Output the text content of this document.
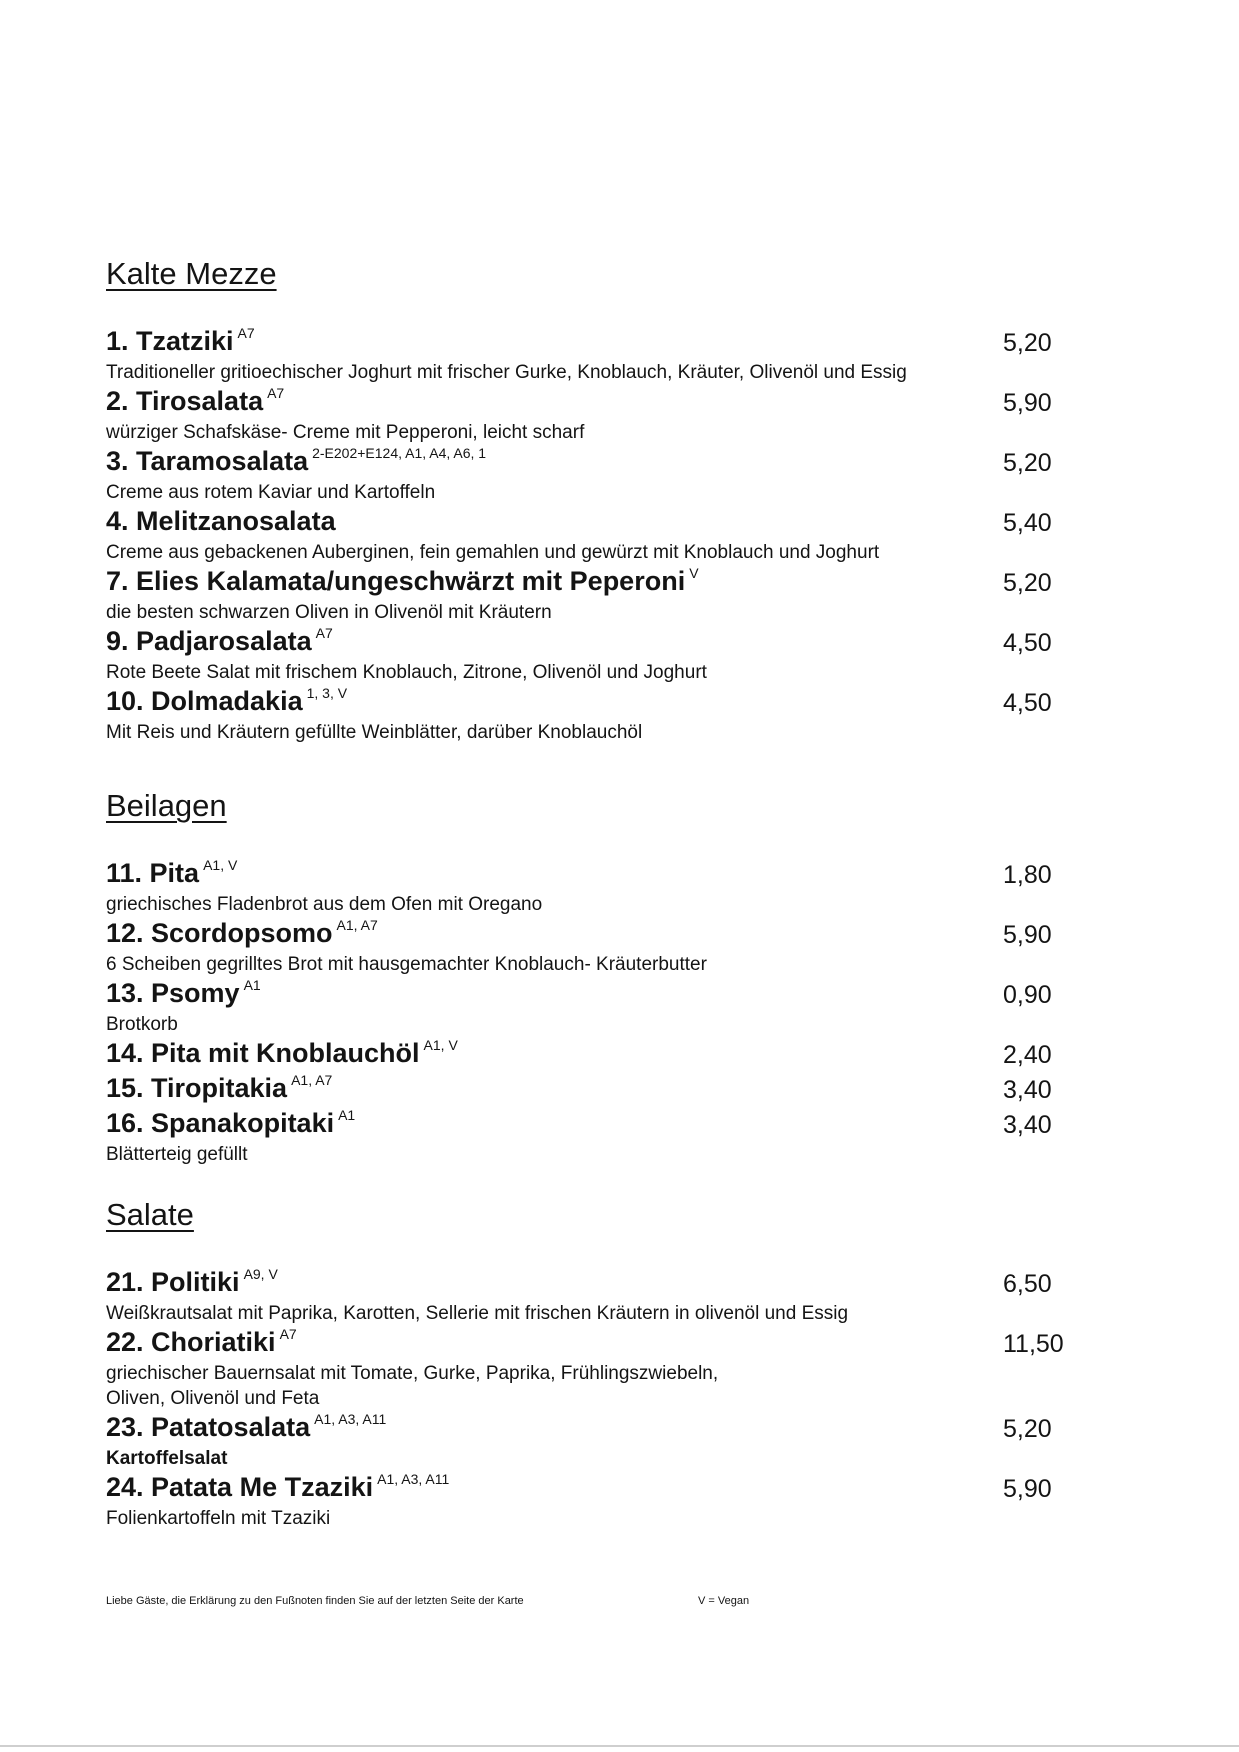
Kalte Mezze
1. Tzatziki $^{A7}$	5,20
Traditioneller gritioechischer Joghurt mit frischer Gurke, Knoblauch, Kräuter, Olivenöl und Essig
2. Tirosalata $^{A7}$	5,90
würziger Schafskäse- Creme mit Pepperoni, leicht scharf
3. Taramosalata $^{2-E202+E124, A1, A4, A6, 1}$	5,20
Creme aus rotem Kaviar und Kartoffeln
4. Melitzanosalata	5,40
Creme aus gebackenen Auberginen, fein gemahlen und gewürzt mit Knoblauch und Joghurt
7. Elies Kalamata/ungeschwärzt mit Peperoni $^V$	5,20
die besten schwarzen Oliven in Olivenöl mit Kräutern
9. Padjarosalata $^{A7}$	4,50
Rote Beete Salat mit frischem Knoblauch, Zitrone, Olivenöl und Joghurt
10. Dolmadakia $^{1, 3, V}$	4,50
Mit Reis und Kräutern gefüllte Weinblätter, darüber Knoblauchöl
Beilagen
11. Pita $^{A1, V}$	1,80
griechisches Fladenbrot aus dem Ofen mit Oregano
12. Scordopsomo $^{A1, A7}$	5,90
6 Scheiben gegrilltes Brot mit hausgemachter Knoblauch- Kräuterbutter
13. Psomy $^{A1}$	0,90
Brotkorb
14. Pita mit Knoblauchöl $^{A1, V}$	2,40
15. Tiropitakia $^{A1, A7}$	3,40
16. Spanakopitaki $^{A1}$	3,40
Blätterteig gefüllt
Salate
21. Politiki $^{A9, V}$	6,50
Weißkrautsalat mit Paprika, Karotten, Sellerie mit frischen Kräutern in olivenöl und Essig
22. Choriatiki $^{A7}$	11,50
griechischer Bauernsalat mit Tomate, Gurke, Paprika, Frühlingszwiebeln,
Oliven, Olivenöl und Feta
23. Patatosalata $^{A1, A3, A11}$	5,20
Kartoffelsalat
24. Patata Me Tzaziki $^{A1, A3, A11}$	5,90
Folienkartoffeln mit Tzaziki
Liebe Gäste, die Erklärung zu den Fußnoten finden Sie auf der letzten Seite der Karte	V = Vegan
